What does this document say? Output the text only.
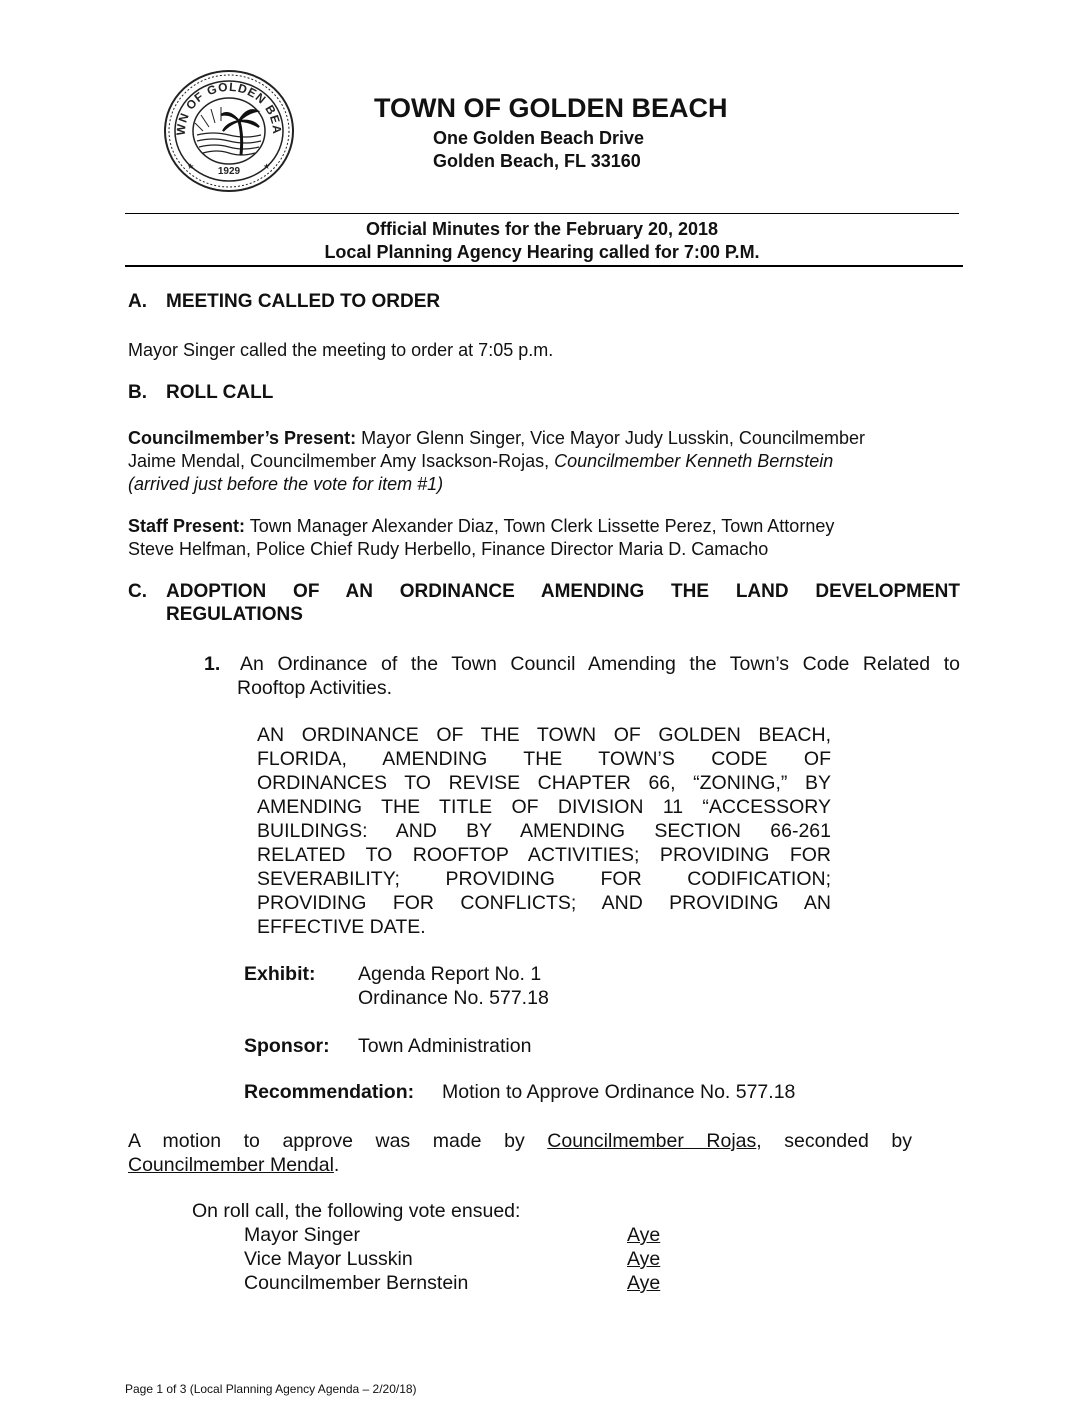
WN OF GOLDEN BEA
1929
★	★
TOWN OF GOLDEN BEACH
One Golden Beach Drive
Golden Beach, FL 33160
Official Minutes for the February 20, 2018
Local Planning Agency Hearing called for 7:00 P.M.
A. MEETING CALLED TO ORDER
Mayor Singer called the meeting to order at 7:05 p.m.
B. ROLL CALL
Councilmember’s Present: Mayor Glenn Singer, Vice Mayor Judy Lusskin, Councilmember
Jaime Mendal, Councilmember Amy Isackson-Rojas, Councilmember Kenneth Bernstein
(arrived just before the vote for item #1)
Staff Present: Town Manager Alexander Diaz, Town Clerk Lissette Perez, Town Attorney
Steve Helfman, Police Chief Rudy Herbello, Finance Director Maria D. Camacho
C.	ADOPTION OF AN ORDINANCE AMENDING THE LAND DEVELOPMENT
REGULATIONS
1.	An Ordinance of the Town Council Amending the Town’s Code Related to
Rooftop Activities.
AN ORDINANCE OF THE TOWN OF GOLDEN BEACH,
FLORIDA, AMENDING THE TOWN’S CODE OF
ORDINANCES TO REVISE CHAPTER 66, “ZONING,” BY
AMENDING THE TITLE OF DIVISION 11 “ACCESSORY
BUILDINGS: AND BY AMENDING SECTION 66-261
RELATED TO ROOFTOP ACTIVITIES; PROVIDING FOR
SEVERABILITY; PROVIDING FOR CODIFICATION;
PROVIDING FOR CONFLICTS; AND PROVIDING AN
EFFECTIVE DATE.
Exhibit: Agenda Report No. 1
Ordinance No. 577.18
Sponsor: Town Administration
Recommendation: Motion to Approve Ordinance No. 577.18
A motion to approve was made by Councilmember Rojas, seconded by
Councilmember Mendal.
On roll call, the following vote ensued:
Mayor Singer	Aye
Vice Mayor Lusskin	Aye
Councilmember Bernstein	Aye
Page 1 of 3 (Local Planning Agency Agenda – 2/20/18)
